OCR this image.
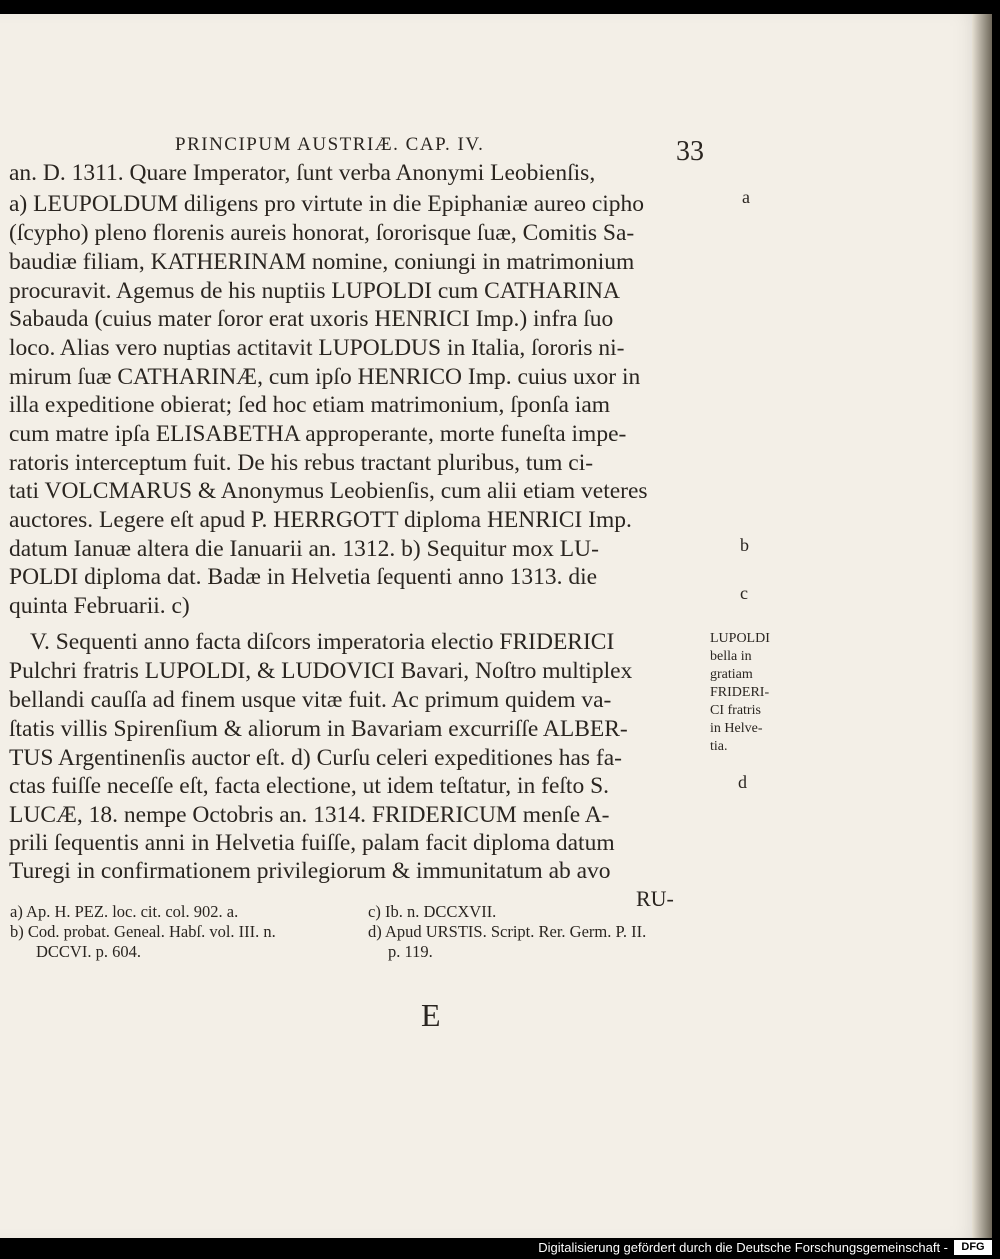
PRINCIPUM AUSTRIÆ. CAP. IV.	33
an. D. 1311. Quare Imperator, ſunt verba Anonymi Leobienſis,
a) LEUPOLDUM diligens pro virtute in die Epiphaniæ aureo cipho
(ſcypho) pleno florenis aureis honorat, ſororisque ſuæ, Comitis Sa-
baudiæ filiam, KATHERINAM nomine, coniungi in matrimonium
procuravit. Agemus de his nuptiis LUPOLDI cum CATHARINA
Sabauda (cuius mater ſoror erat uxoris HENRICI Imp.) infra ſuo
loco. Alias vero nuptias actitavit LUPOLDUS in Italia, ſororis ni-
mirum ſuæ CATHARINÆ, cum ipſo HENRICO Imp. cuius uxor in
illa expeditione obierat; ſed hoc etiam matrimonium, ſponſa iam
cum matre ipſa ELISABETHA approperante, morte funeſta impe-
ratoris interceptum fuit. De his rebus tractant pluribus, tum ci-
tati VOLCMARUS & Anonymus Leobienſis, cum alii etiam veteres
auctores. Legere eſt apud P. HERRGOTT diploma HENRICI Imp.
datum Ianuæ altera die Ianuarii an. 1312. b) Sequitur mox LU-
POLDI diploma dat. Badæ in Helvetia ſequenti anno 1313. die
quinta Februarii. c)
V. Sequenti anno facta diſcors imperatoria electio FRIDERICI
Pulchri fratris LUPOLDI, & LUDOVICI Bavari, Noſtro multiplex
bellandi cauſſa ad finem usque vitæ fuit. Ac primum quidem va-
ſtatis villis Spirenſium & aliorum in Bavariam excurriſſe ALBER-
TUS Argentinenſis auctor eſt. d) Curſu celeri expeditiones has fa-
ctas fuiſſe neceſſe eſt, facta electione, ut idem teſtatur, in feſto S.
LUCÆ, 18. nempe Octobris an. 1314. FRIDERICUM menſe A-
prili ſequentis anni in Helvetia fuiſſe, palam facit diploma datum
Turegi in confirmationem privilegiorum & immunitatum ab avo
RU-
a
b
c
d
LUPOLDI
bella in
gratiam
FRIDERI-
CI fratris
in Helve-
tia.
a) Ap. H. PEZ. loc. cit. col. 902. a.
b) Cod. probat. Geneal. Habſ. vol. III. n.
DCCVI. p. 604.
c) Ib. n. DCCXVII.
d) Apud URSTIS. Script. Rer. Germ. P. II.
p. 119.
E
Digitalisierung gefördert durch die Deutsche Forschungsgemeinschaft -	DFG
